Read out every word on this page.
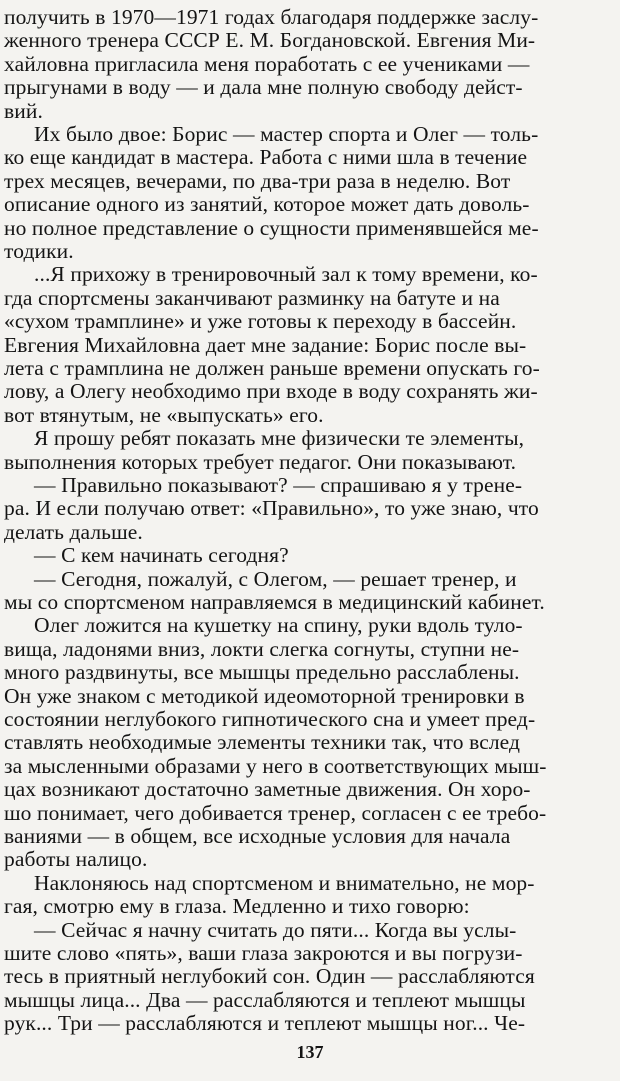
получить в 1970—1971 годах благодаря поддержке заслу-
женного тренера СССР Е. М. Богдановской. Евгения Ми-
хайловна пригласила меня поработать с ее учениками —
прыгунами в воду — и дала мне полную свободу дейст-
вий.
Их было двое: Борис — мастер спорта и Олег — толь-
ко еще кандидат в мастера. Работа с ними шла в течение
трех месяцев, вечерами, по два-три раза в неделю. Вот
описание одного из занятий, которое может дать доволь-
но полное представление о сущности применявшейся ме-
тодики.
...Я прихожу в тренировочный зал к тому времени, ко-
гда спортсмены заканчивают разминку на батуте и на
«сухом трамплине» и уже готовы к переходу в бассейн.
Евгения Михайловна дает мне задание: Борис после вы-
лета с трамплина не должен раньше времени опускать го-
лову, а Олегу необходимо при входе в воду сохранять жи-
вот втянутым, не «выпускать» его.
Я прошу ребят показать мне физически те элементы,
выполнения которых требует педагог. Они показывают.
— Правильно показывают? — спрашиваю я у трене-
ра. И если получаю ответ: «Правильно», то уже знаю, что
делать дальше.
— С кем начинать сегодня?
— Сегодня, пожалуй, с Олегом, — решает тренер, и
мы со спортсменом направляемся в медицинский кабинет.
Олег ложится на кушетку на спину, руки вдоль туло-
вища, ладонями вниз, локти слегка согнуты, ступни не-
много раздвинуты, все мышцы предельно расслаблены.
Он уже знаком с методикой идеомоторной тренировки в
состоянии неглубокого гипнотического сна и умеет пред-
ставлять необходимые элементы техники так, что вслед
за мысленными образами у него в соответствующих мыш-
цах возникают достаточно заметные движения. Он хоро-
шо понимает, чего добивается тренер, согласен с ее требо-
ваниями — в общем, все исходные условия для начала
работы налицо.
Наклоняюсь над спортсменом и внимательно, не мор-
гая, смотрю ему в глаза. Медленно и тихо говорю:
— Сейчас я начну считать до пяти... Когда вы услы-
шите слово «пять», ваши глаза закроются и вы погрузи-
тесь в приятный неглубокий сон. Один — расслабляются
мышцы лица... Два — расслабляются и теплеют мышцы
рук... Три — расслабляются и теплеют мышцы ног... Че-
137
